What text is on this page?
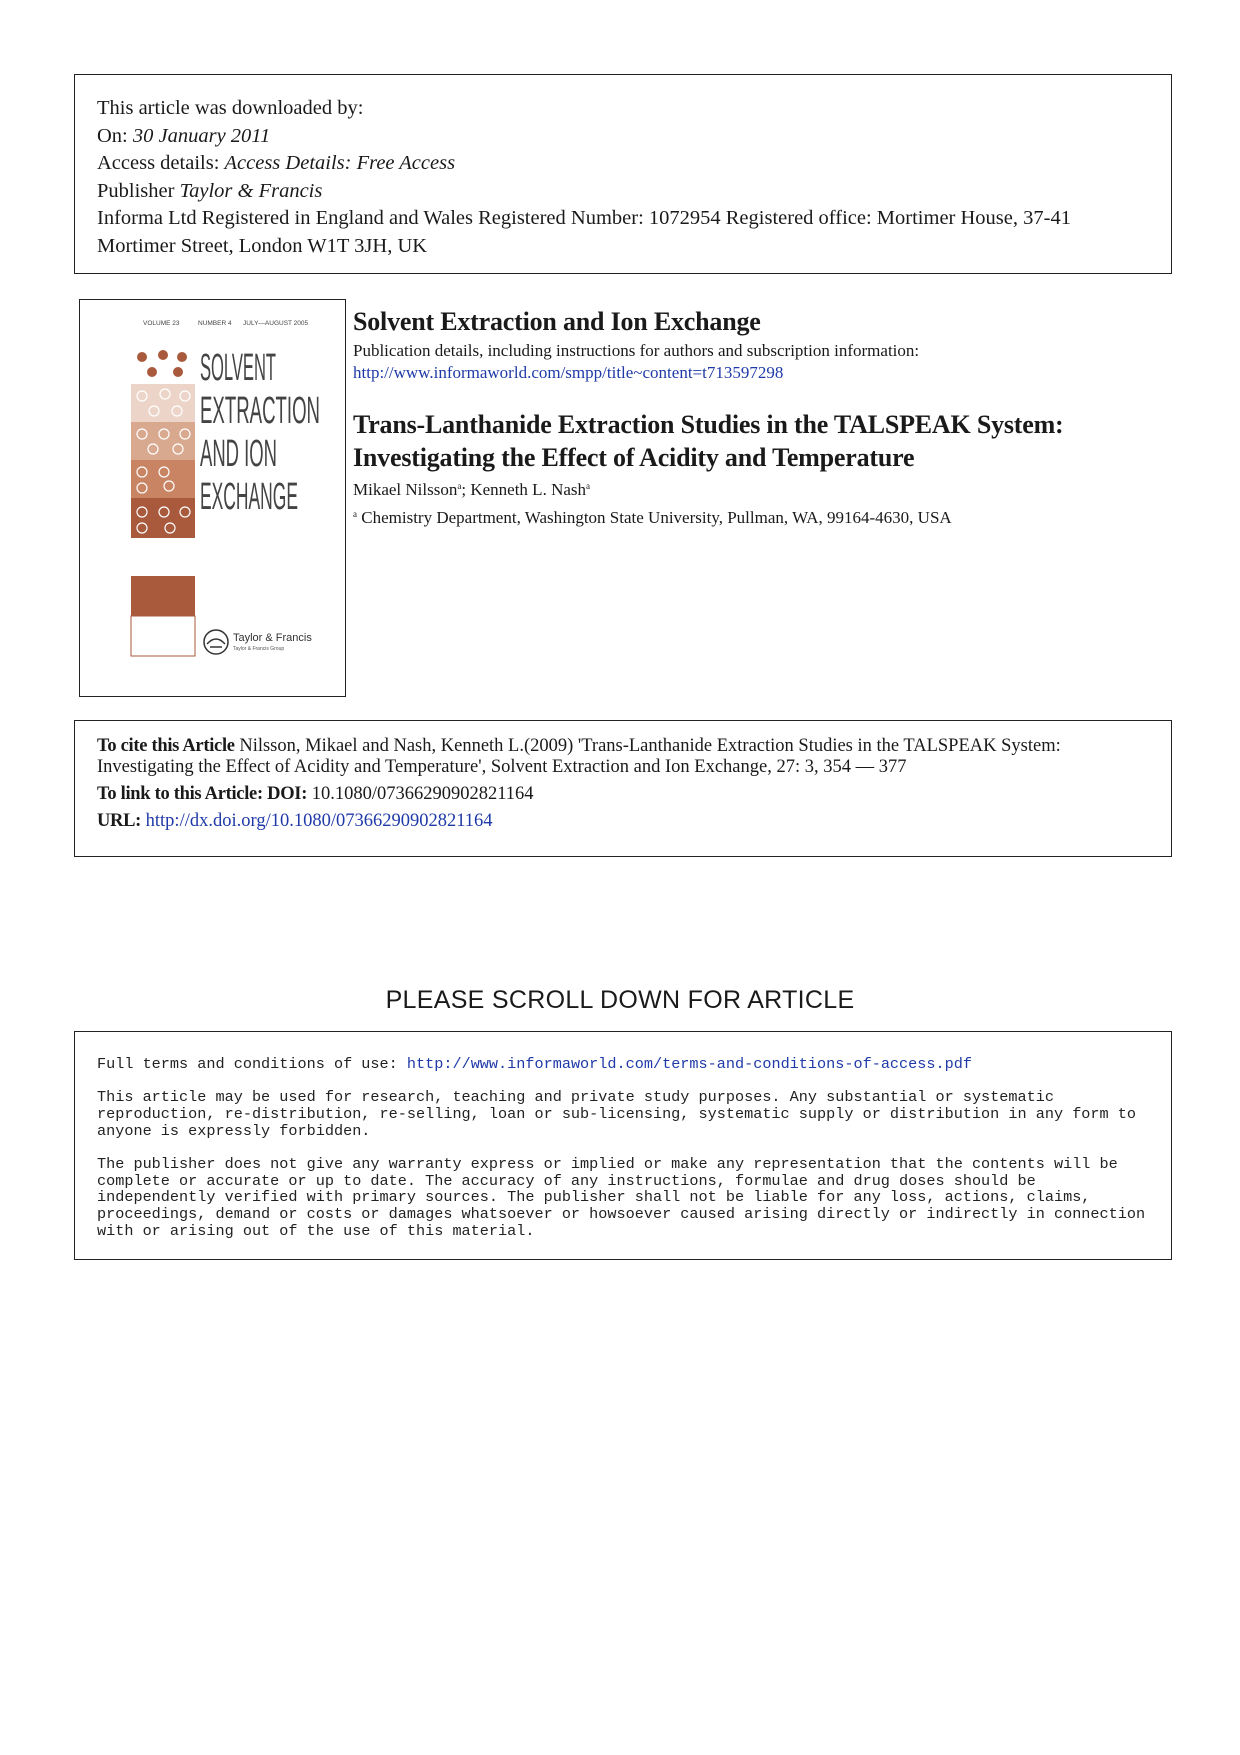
This article was downloaded by:
On: 30 January 2011
Access details: Access Details: Free Access
Publisher Taylor & Francis
Informa Ltd Registered in England and Wales Registered Number: 1072954 Registered office: Mortimer House, 37-41 Mortimer Street, London W1T 3JH, UK
VOLUME 23	NUMBER 4 JULY—AUGUST 2005
SOLVENT
EXTRACTION
AND ION
EXCHANGE
Taylor & Francis
Taylor & Francis Group
Solvent Extraction and Ion Exchange
Publication details, including instructions for authors and subscription information:
http://www.informaworld.com/smpp/title~content=t713597298
Trans-Lanthanide Extraction Studies in the TALSPEAK System:
Investigating the Effect of Acidity and Temperature
Mikael Nilsson$^a$; Kenneth L. Nash$^a$
$^a$ Chemistry Department, Washington State University, Pullman, WA, 99164-4630, USA
To cite this Article Nilsson, Mikael and Nash, Kenneth L.(2009) 'Trans-Lanthanide Extraction Studies in the TALSPEAK System: Investigating the Effect of Acidity and Temperature', Solvent Extraction and Ion Exchange, 27: 3, 354 — 377
To link to this Article: DOI: 10.1080/07366290902821164
URL: http://dx.doi.org/10.1080/07366290902821164
PLEASE SCROLL DOWN FOR ARTICLE

Full terms and conditions of use: http://www.informaworld.com/terms-and-conditions-of-access.pdf

This article may be used for research, teaching and private study purposes. Any substantial or systematic reproduction, re-distribution, re-selling, loan or sub-licensing, systematic supply or distribution in any form to anyone is expressly forbidden.

The publisher does not give any warranty express or implied or make any representation that the contents will be complete or accurate or up to date. The accuracy of any instructions, formulae and drug doses should be independently verified with primary sources. The publisher shall not be liable for any loss, actions, claims, proceedings, demand or costs or damages whatsoever or howsoever caused arising directly or indirectly in connection with or arising out of the use of this material.
